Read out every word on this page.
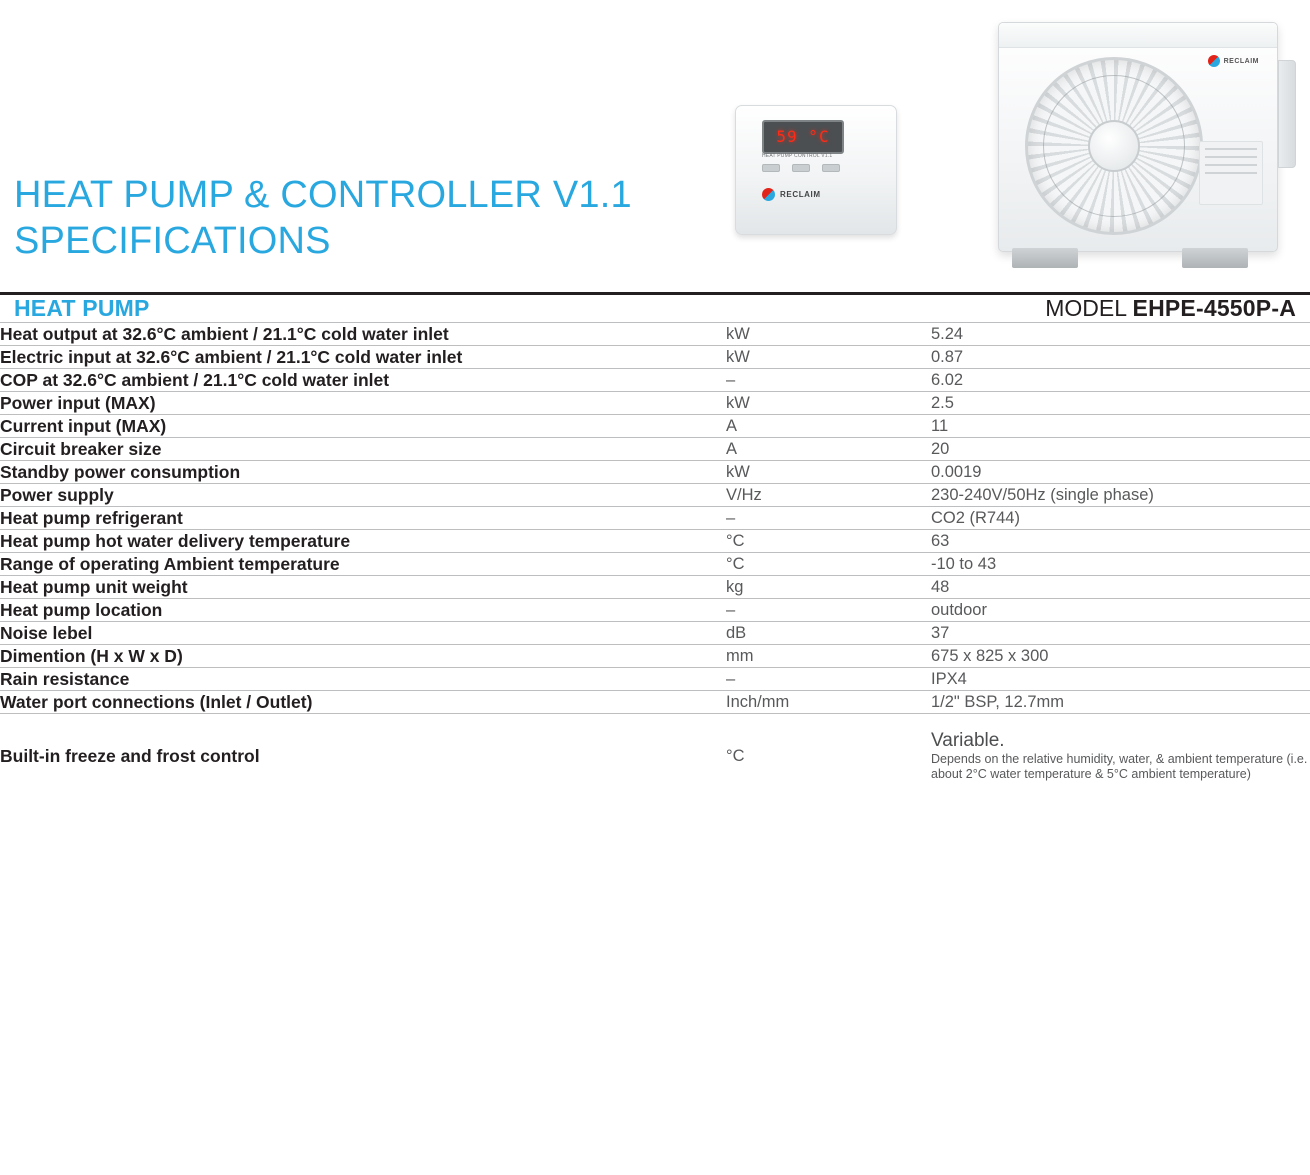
HEAT PUMP & CONTROLLER V1.1
SPECIFICATIONS
59 °C
HEAT PUMP CONTROL V1.1
RECLAIM
RECLAIM
HEAT PUMP	MODEL EHPE-4550P-A	
Heat output at 32.6°C ambient / 21.1°C cold water inlet	kW	5.24
Electric input at 32.6°C ambient / 21.1°C cold water inlet	kW	0.87
COP at 32.6°C ambient / 21.1°C cold water inlet	–	6.02
Power input (MAX)	kW	2.5
Current input (MAX)	A	11
Circuit breaker size	A	20
Standby power consumption	kW	0.0019
Power supply	V/Hz	230-240V/50Hz (single phase)
Heat pump refrigerant	–	CO2 (R744)
Heat pump hot water delivery temperature	°C	63
Range of operating Ambient temperature	°C	-10 to 43
Heat pump unit weight	kg	48
Heat pump location	–	outdoor
Noise lebel	dB	37
Dimention (H x W x D)	mm	675 x 825 x 300
Rain resistance	–	IPX4
Water port connections (Inlet / Outlet)	Inch/mm	1/2" BSP, 12.7mm
Built-in freeze and frost control	°C	Variable.
Depends on the relative humidity, water, & ambient temperature (i.e. about 2°C water temperature & 5°C ambient temperature)
